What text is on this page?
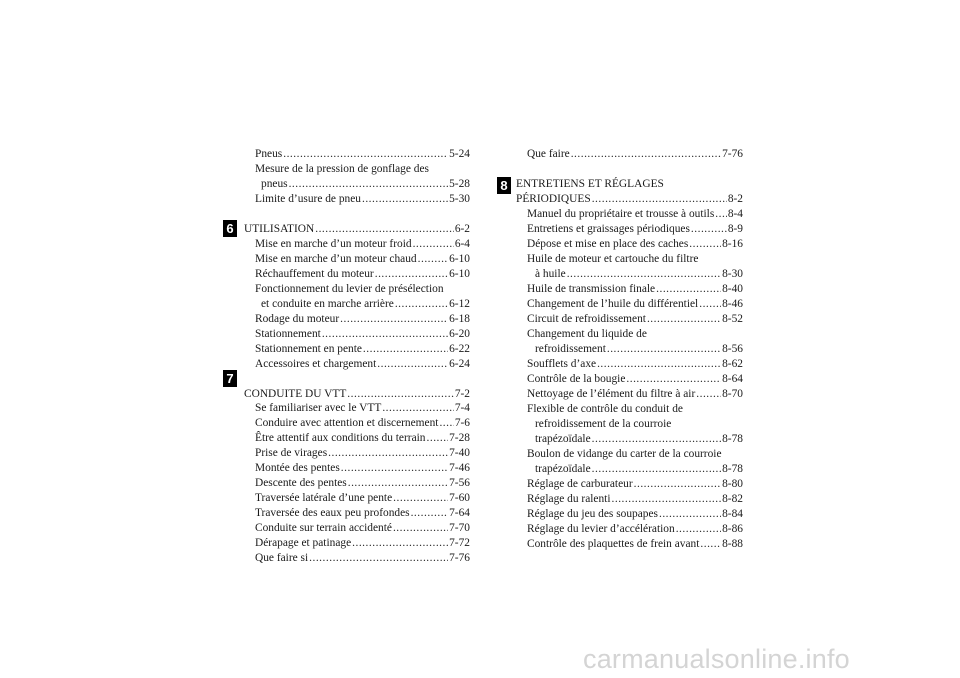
Pneus .....	5-24
Mesure de la pression de gonflage des
pneus .....	5-28
Limite d’usure de pneu .....	5-30
UTILISATION .....	6-2
Mise en marche d’un moteur froid .....	6-4
Mise en marche d’un moteur chaud .....	6-10
Réchauffement du moteur .....	6-10
Fonctionnement du levier de présélection
et conduite en marche arrière .....	6-12
Rodage du moteur .....	6-18
Stationnement .....	6-20
Stationnement en pente .....	6-22
Accessoires et chargement .....	6-24
CONDUITE DU VTT .....	7-2
Se familiariser avec le VTT .....	7-4
Conduire avec attention et discernement ..... 7-6
Être attentif aux conditions du terrain ..... 7-28
Prise de virages .....	7-40
Montée des pentes .....	7-46
Descente des pentes .....	7-56
Traversée latérale d’une pente .....	7-60
Traversée des eaux peu profondes .....	7-64
Conduite sur terrain accidenté .....	7-70
Dérapage et patinage .....	7-72
Que faire si .....	7-76
Que faire .....	7-76
ENTRETIENS ET RÉGLAGES
PÉRIODIQUES .....	8-2
Manuel du propriétaire et trousse à outils ..... 8-4
Entretiens et graissages périodiques .....	8-9
Dépose et mise en place des caches .....	8-16
Huile de moteur et cartouche du filtre
à huile .....	8-30
Huile de transmission finale .....	8-40
Changement de l’huile du différentiel ..... 8-46
Circuit de refroidissement .....	8-52
Changement du liquide de
refroidissement .....	8-56
Soufflets d’axe .....	8-62
Contrôle de la bougie .....	8-64
Nettoyage de l’élément du filtre à air ..... 8-70
Flexible de contrôle du conduit de
refroidissement de la courroie
trapézoïdale .....	8-78
Boulon de vidange du carter de la courroie
trapézoïdale .....	8-78
Réglage de carburateur .....	8-80
Réglage du ralenti .....	8-82
Réglage du jeu des soupapes .....	8-84
Réglage du levier d’accélération .....	8-86
Contrôle des plaquettes de frein avant ..... 8-88
6
7
8
carmanualsonline.info
